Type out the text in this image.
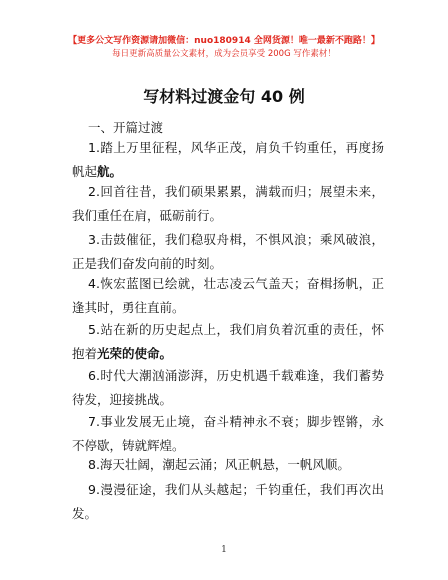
【更多公文写作资源请加微信：nuo180914 全网货源！唯一最新不跑路！】
每日更新高质量公文素材，成为会员享受 200G 写作素材！
写材料过渡金句 40 例
一、开篇过渡
1.踏上万里征程，风华正茂，肩负千钧重任，再度扬帆起航。
2.回首往昔，我们硕果累累，满载而归；展望未来，我们重任在肩，砥砺前行。
3.击鼓催征，我们稳驭舟楫，不惧风浪；乘风破浪，正是我们奋发向前的时刻。
4.恢宏蓝图已绘就，壮志凌云气盖天；奋楫扬帆，正逢其时，勇往直前。
5.站在新的历史起点上，我们肩负着沉重的责任，怀抱着光荣的使命。
6.时代大潮汹涌澎湃，历史机遇千载难逢，我们蓄势待发，迎接挑战。
7.事业发展无止境，奋斗精神永不衰；脚步铿锵，永不停歇，铸就辉煌。
8.海天壮阔，潮起云涌；风正帆悬，一帆风顺。
9.漫漫征途，我们从头越起；千钧重任，我们再次出发。
1
